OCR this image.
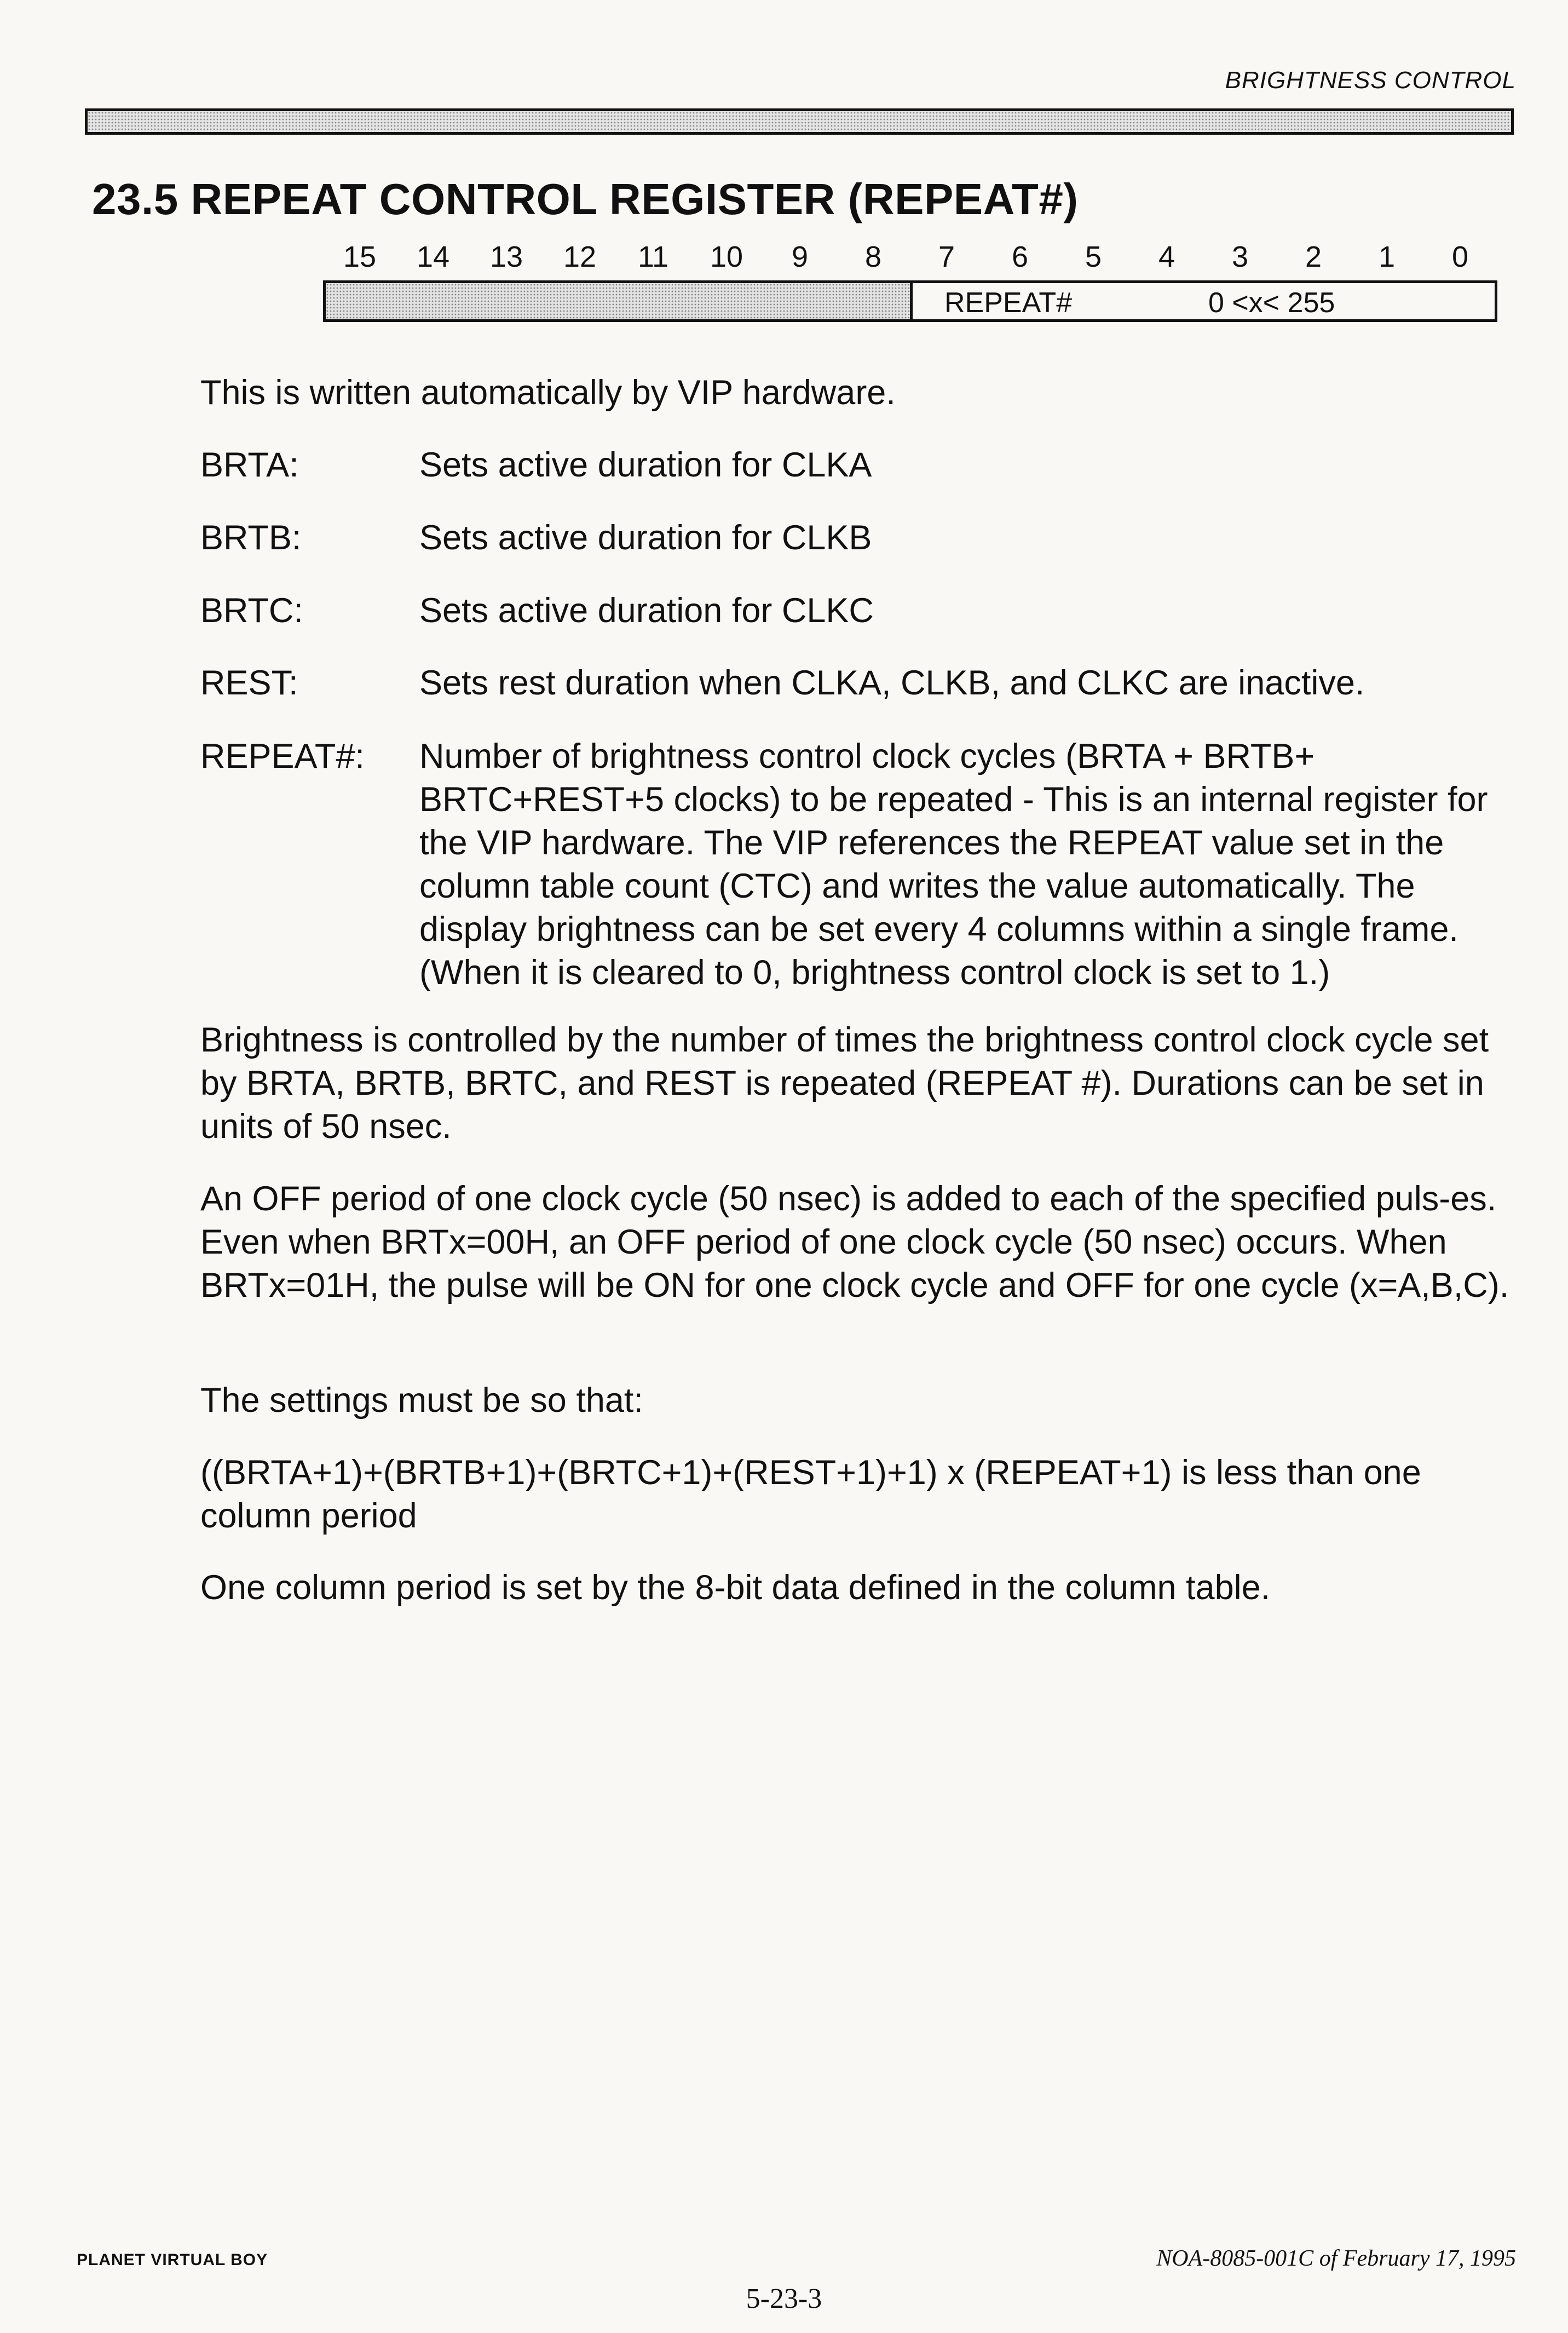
BRIGHTNESS CONTROL
23.5 REPEAT CONTROL REGISTER (REPEAT#)
15	14	13	12	11	10	9	8	7	6	5	4	3	2	1	0
REPEAT#	0 <x< 255

This is written automatically by VIP hardware.

BRTA:	Sets active duration for CLKA
BRTB:	Sets active duration for CLKB
BRTC:	Sets active duration for CLKC
REST:	Sets rest duration when CLKA, CLKB, and CLKC are inactive.
REPEAT#: Number of brightness control clock cycles (BRTA + BRTB+ BRTC+REST+5 clocks) to be repeated - This is an internal register for the VIP hardware. The VIP references the REPEAT value set in the column table count (CTC) and writes the value automatically. The display brightness can be set every 4 columns within a single frame. (When it is cleared to 0, brightness control clock is set to 1.)

Brightness is controlled by the number of times the brightness control clock cycle set by BRTA, BRTB, BRTC, and REST is repeated (REPEAT #). Durations can be set in units of 50 nsec.

An OFF period of one clock cycle (50 nsec) is added to each of the specified puls-es. Even when BRTx=00H, an OFF period of one clock cycle (50 nsec) occurs. When BRTx=01H, the pulse will be ON for one clock cycle and OFF for one cycle (x=A,B,C).

The settings must be so that:

((BRTA+1)+(BRTB+1)+(BRTC+1)+(REST+1)+1) x (REPEAT+1) is less than one column period

One column period is set by the 8-bit data defined in the column table.

PLANET VIRTUAL BOY	NOA-8085-001C of February 17, 1995
5-23-3
